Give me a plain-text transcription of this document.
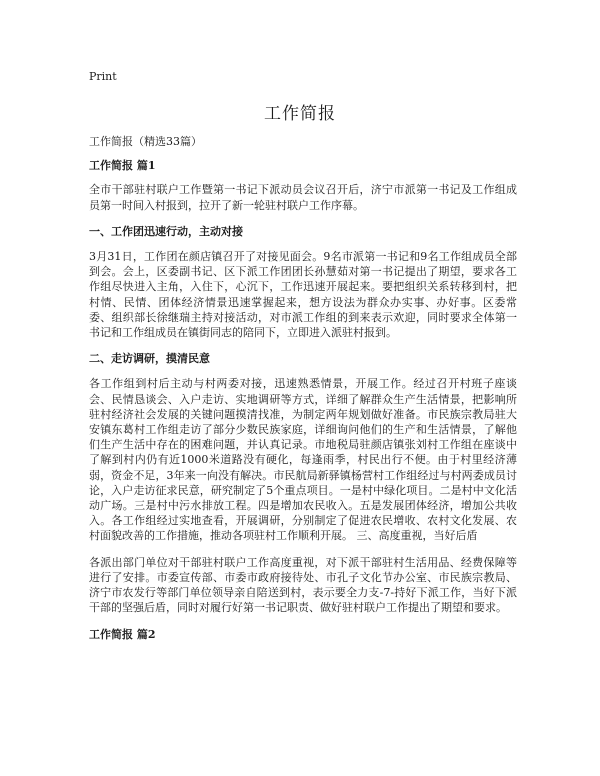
Print
工作简报

工作简报（精选33篇）

工作简报 篇1

全市干部驻村联户工作暨第一书记下派动员会议召开后，济宁市派第一书记及工作组成员第一时间入村报到，拉开了新一轮驻村联户工作序幕。

一、工作团迅速行动，主动对接

3月31日，工作团在颜店镇召开了对接见面会。9名市派第一书记和9名工作组成员全部到会。会上，区委副书记、区下派工作团团长孙慧茹对第一书记提出了期望，要求各工作组尽快进入主角，入住下，心沉下，工作迅速开展起来。要把组织关系转移到村，把村情、民情、团体经济情景迅速掌握起来，想方设法为群众办实事、办好事。区委常委、组织部长徐继瑞主持对接活动，对市派工作组的到来表示欢迎，同时要求全体第一书记和工作组成员在镇街同志的陪同下，立即进入派驻村报到。

二、走访调研，摸清民意

各工作组到村后主动与村两委对接，迅速熟悉情景，开展工作。经过召开村班子座谈会、民情恳谈会、入户走访、实地调研等方式，详细了解群众生产生活情景，把影响所驻村经济社会发展的关键问题摸清找准，为制定两年规划做好准备。市民族宗教局驻大安镇东葛村工作组走访了部分少数民族家庭，详细询问他们的生产和生活情景，了解他们生产生活中存在的困难问题，并认真记录。市地税局驻颜店镇张刘村工作组在座谈中了解到村内仍有近1000米道路没有硬化，每逢雨季，村民出行不便。由于村里经济薄弱，资金不足，3年来一向没有解决。市民航局新驿镇杨营村工作组经过与村两委成员讨论，入户走访征求民意，研究制定了5个重点项目。一是村中绿化项目。二是村中文化活动广场。三是村中污水排放工程。四是增加农民收入。五是发展团体经济，增加公共收入。各工作组经过实地查看，开展调研，分别制定了促进农民增收、农村文化发展、农村面貌改善的工作措施，推动各项驻村工作顺利开展。 三、高度重视，当好后盾

各派出部门单位对干部驻村联户工作高度重视，对下派干部驻村生活用品、经费保障等进行了安排。市委宣传部、市委市政府接待处、市孔子文化节办公室、市民族宗教局、济宁市农发行等部门单位领导亲自陪送到村，表示要全力支-7-持好下派工作，当好下派干部的坚强后盾，同时对履行好第一书记职责、做好驻村联户工作提出了期望和要求。

工作简报 篇2
